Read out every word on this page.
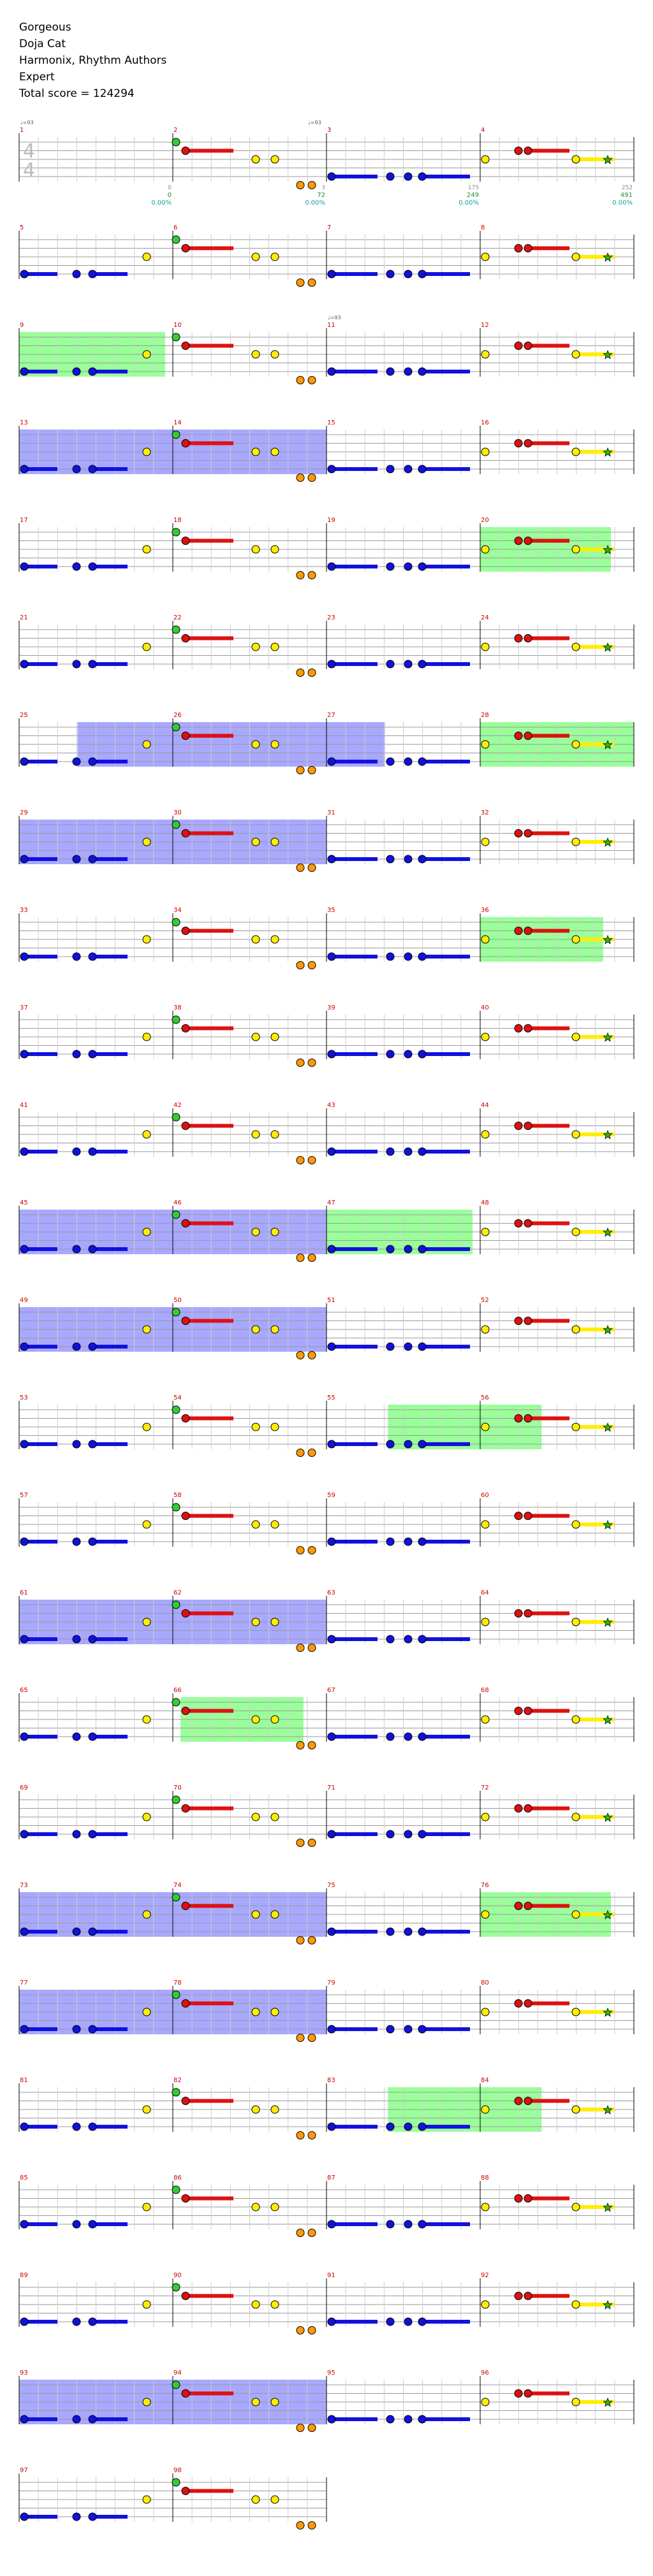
Gorgeous
Doja Cat
Harmonix, Rhythm Authors
Expert
Total score = 124294
1
0
0
0.00%
2
3
72
0.00%
3
175
249
0.00%
4
252
491
0.00%
5	6	7	8
9	10	11	12
13	14	15	16
17	18	19	20
21	22	23	24
25	26	27	28
29	30	31	32
33	34	35	36
37	38	39	40
41	42	43	44
45	46	47	48
49	50	51	52
53	54	55	56
57	58	59	60
61	62	63	64
65	66	67	68
69	70	71	72
73	74	75	76
77	78	79	80
81	82	83	84
85	86	87	88
89	90	91	92
93	94	95	96
97	98
4
4
♩=93	♩=93
♩=93
